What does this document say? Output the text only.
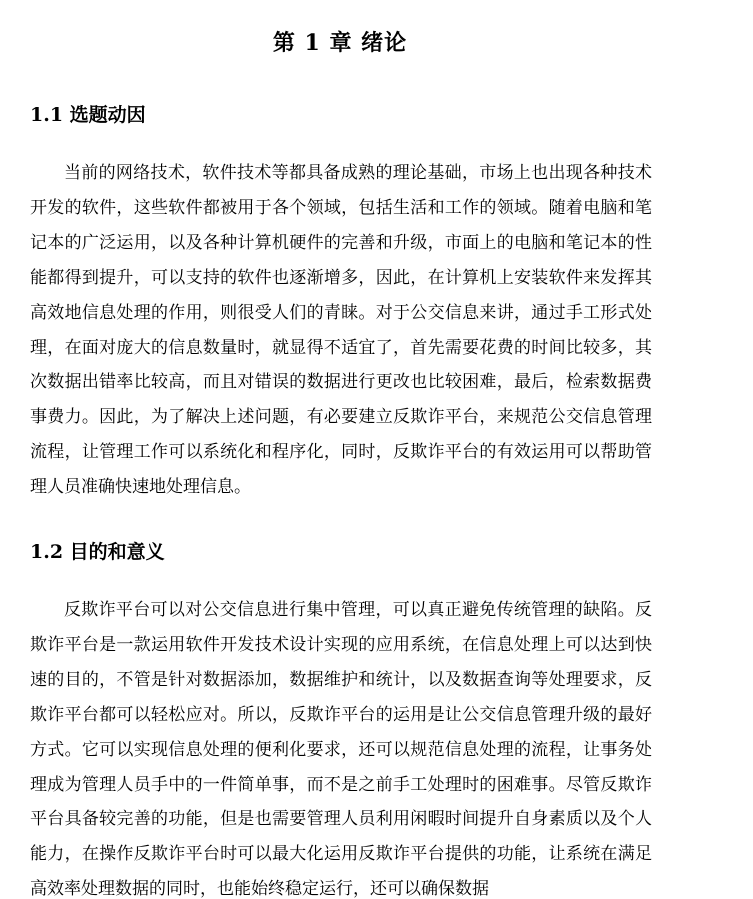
第 1 章 绪论
1.1 选题动因

当前的网络技术，软件技术等都具备成熟的理论基础，市场上也出现各种技术开发的软件，这些软件都被用于各个领域，包括生活和工作的领域。随着电脑和笔记本的广泛运用，以及各种计算机硬件的完善和升级，市面上的电脑和笔记本的性能都得到提升，可以支持的软件也逐渐增多，因此，在计算机上安装软件来发挥其高效地信息处理的作用，则很受人们的青睐。对于公交信息来讲，通过手工形式处理，在面对庞大的信息数量时，就显得不适宜了，首先需要花费的时间比较多，其次数据出错率比较高，而且对错误的数据进行更改也比较困难，最后，检索数据费事费力。因此，为了解决上述问题，有必要建立反欺诈平台，来规范公交信息管理流程，让管理工作可以系统化和程序化，同时，反欺诈平台的有效运用可以帮助管理人员准确快速地处理信息。

1.2 目的和意义

反欺诈平台可以对公交信息进行集中管理，可以真正避免传统管理的缺陷。反欺诈平台是一款运用软件开发技术设计实现的应用系统，在信息处理上可以达到快速的目的，不管是针对数据添加，数据维护和统计，以及数据查询等处理要求，反欺诈平台都可以轻松应对。所以，反欺诈平台的运用是让公交信息管理升级的最好方式。它可以实现信息处理的便利化要求，还可以规范信息处理的流程，让事务处理成为管理人员手中的一件简单事，而不是之前手工处理时的困难事。尽管反欺诈平台具备较完善的功能，但是也需要管理人员利用闲暇时间提升自身素质以及个人能力，在操作反欺诈平台时可以最大化运用反欺诈平台提供的功能，让系统在满足高效率处理数据的同时，也能始终稳定运行，还可以确保数据
